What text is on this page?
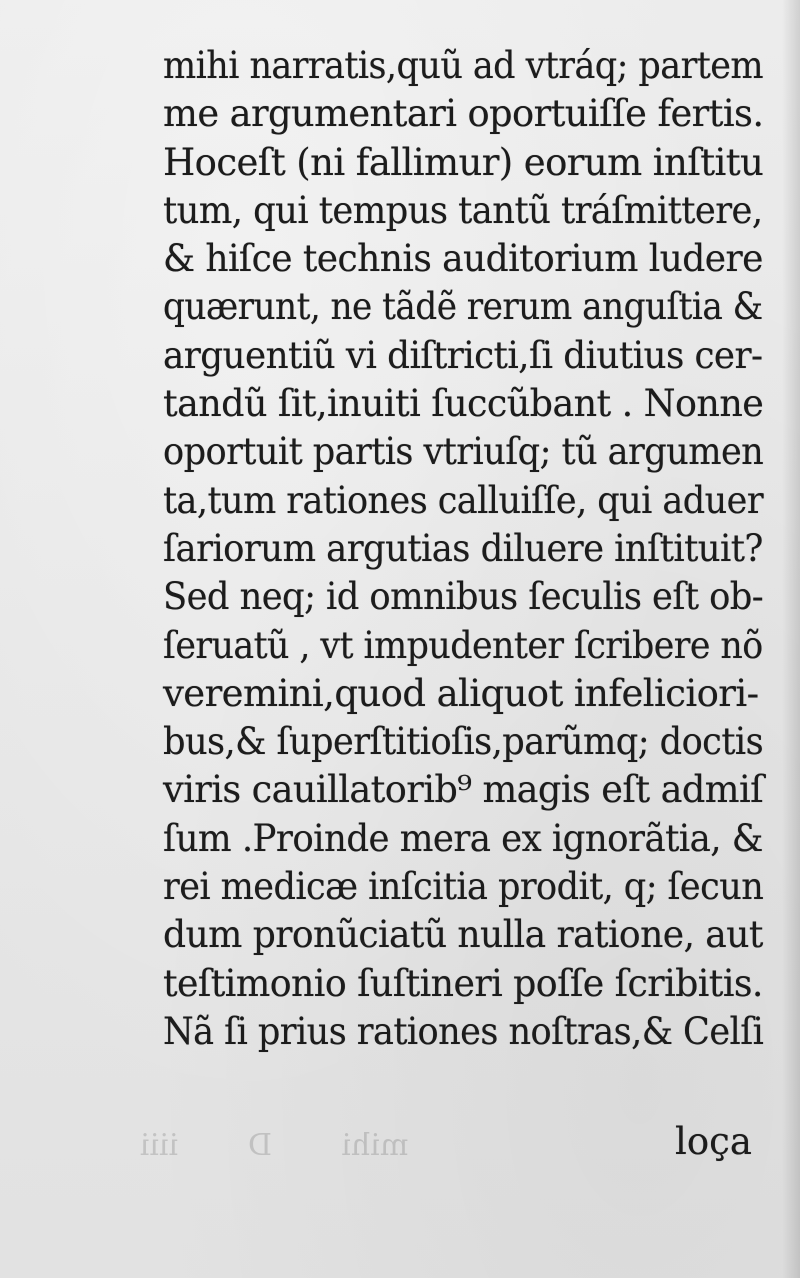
mihi D iiii
mihi narratis,quũ ad vtráq; partem
me argumentari oportuiſſe fertis.
Hoceſt (ni fallimur) eorum inſtitu
tum, qui tempus tantũ tráſmittere,
& hiſce technis auditorium ludere
quærunt, ne tãdẽ rerum anguſtia &
arguentiũ vi diſtricti,ſi diutius cer-
tandũ ſit,inuiti ſuccũbant . Nonne
oportuit partis vtriuſq; tũ argumen
ta,tum rationes calluiſſe, qui aduer
ſariorum argutias diluere inſtituit?
Sed neq; id omnibus ſeculis eſt ob-
ſeruatũ , vt impudenter ſcribere nõ
veremini,quod aliquot infeliciori-
bus,& ſuperſtitioſis,parũmq; doctis
viris cauillatorib⁹ magis eſt admiſ
ſum .Proinde mera ex ignorãtia, &
rei medicæ inſcitia prodit, q; ſecun
dum pronũciatũ nulla ratione, aut
teſtimonio ſuſtineri poſſe ſcribitis.
Nã ſi prius rationes noſtras,& Celſi
loça
